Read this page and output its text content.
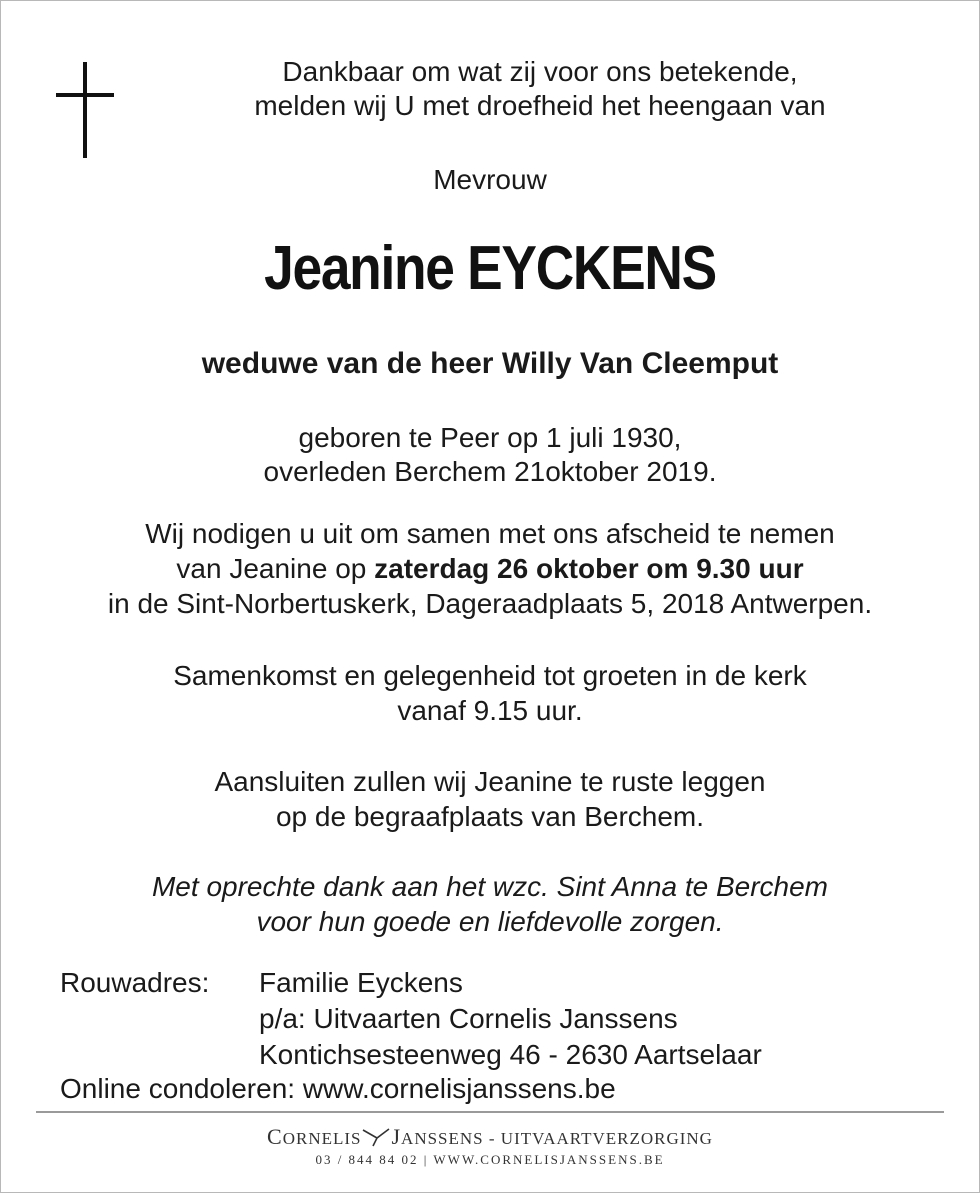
Dankbaar om wat zij voor ons betekende,
melden wij U met droefheid het heengaan van
Mevrouw
Jeanine EYCKENS
weduwe van de heer Willy Van Cleemput
geboren te Peer op 1 juli 1930,
overleden Berchem 21oktober 2019.
Wij nodigen u uit om samen met ons afscheid te nemen
van Jeanine op zaterdag 26 oktober om 9.30 uur
in de Sint-Norbertuskerk, Dageraadplaats 5, 2018 Antwerpen.
Samenkomst en gelegenheid tot groeten in de kerk
vanaf 9.15 uur.
Aansluiten zullen wij Jeanine te ruste leggen
op de begraafplaats van Berchem.
Met oprechte dank aan het wzc. Sint Anna te Berchem
voor hun goede en liefdevolle zorgen.
Rouwadres: Familie Eyckens
p/a: Uitvaarten Cornelis Janssens
Kontichsesteenweg 46 - 2630 Aartselaar
Online condoleren: www.cornelisjanssens.be
CORNELIS JANSSENS - UITVAARTVERZORGING
03 / 844 84 02 | WWW.CORNELISJANSSENS.BE
